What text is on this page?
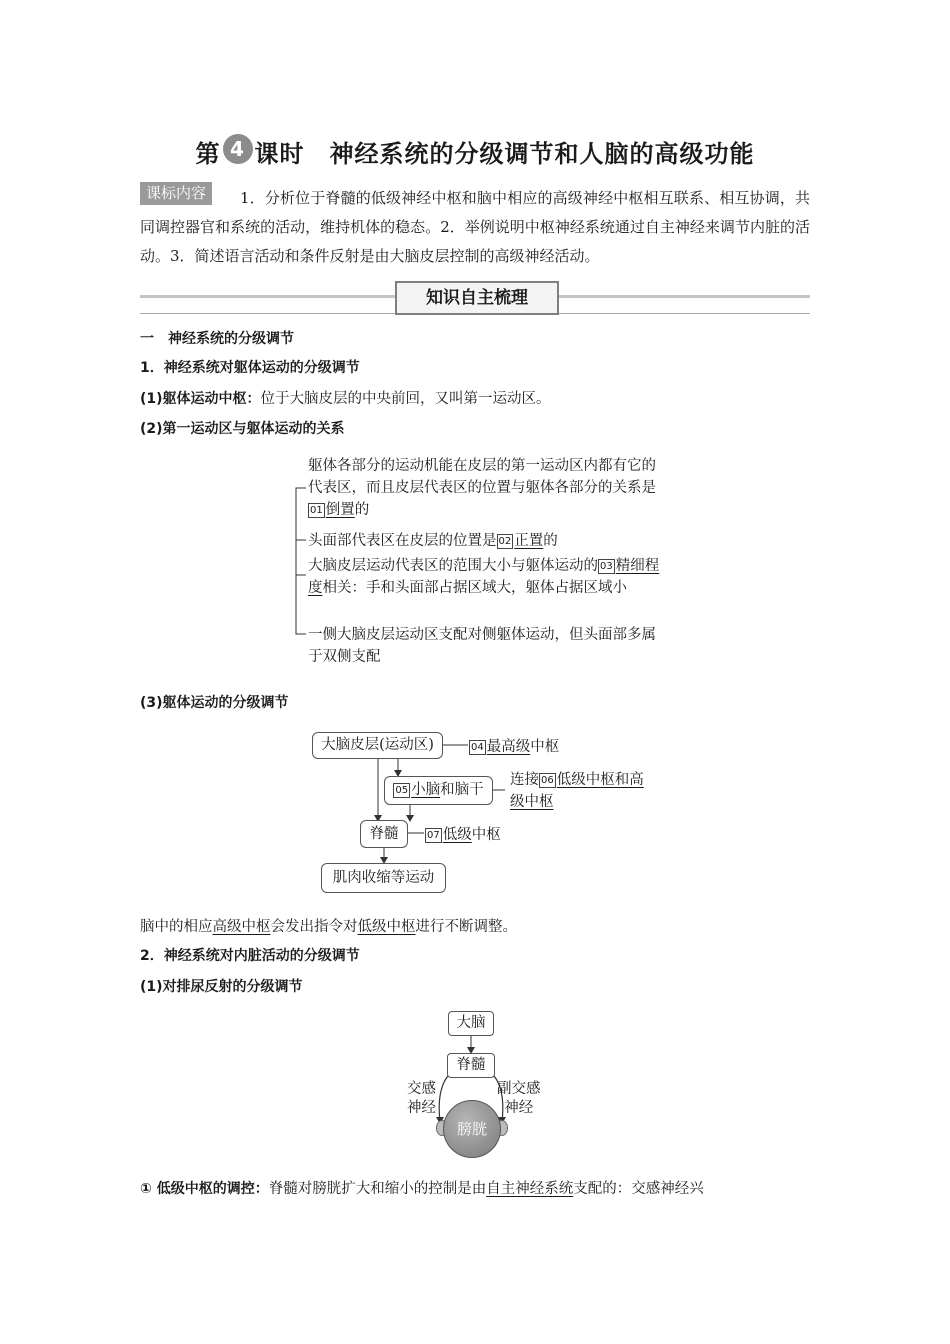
第 4 课时　神经系统的分级调节和人脑的高级功能
课标内容	1．分析位于脊髓的低级神经中枢和脑中相应的高级神经中枢相互联系、相互协调，共同调控器官和系统的活动，维持机体的稳态。2．举例说明中枢神经系统通过自主神经来调节内脏的活动。3．简述语言活动和条件反射是由大脑皮层控制的高级神经活动。
知识自主梳理
一　神经系统的分级调节
1．神经系统对躯体运动的分级调节
(1)躯体运动中枢：位于大脑皮层的中央前回，又叫第一运动区。
(2)第一运动区与躯体运动的关系
躯体各部分的运动机能在皮层的第一运动区内都有它的代表区，而且皮层代表区的位置与躯体各部分的关系是01 倒置的
头面部代表区在皮层的位置是 02 正置的
大脑皮层运动代表区的范围大小与躯体运动的 03 精细程度相关：手和头面部占据区域大，躯体占据区域小
一侧大脑皮层运动区支配对侧躯体运动，但头面部多属于双侧支配
(3)躯体运动的分级调节
大脑皮层(运动区)	04 最高级中枢
05 小脑和脑干
连接 06 低级中枢和高级中枢
脊髓	07 低级中枢
肌肉收缩等运动
脑中的相应高级中枢会发出指令对低级中枢进行不断调整。
2．神经系统对内脏活动的分级调节
(1)对排尿反射的分级调节
大脑
脊髓
交感
神经
副交感
神经
膀胱
① 低级中枢的调控：脊髓对膀胱扩大和缩小的控制是由自主神经系统支配的：交感神经兴
